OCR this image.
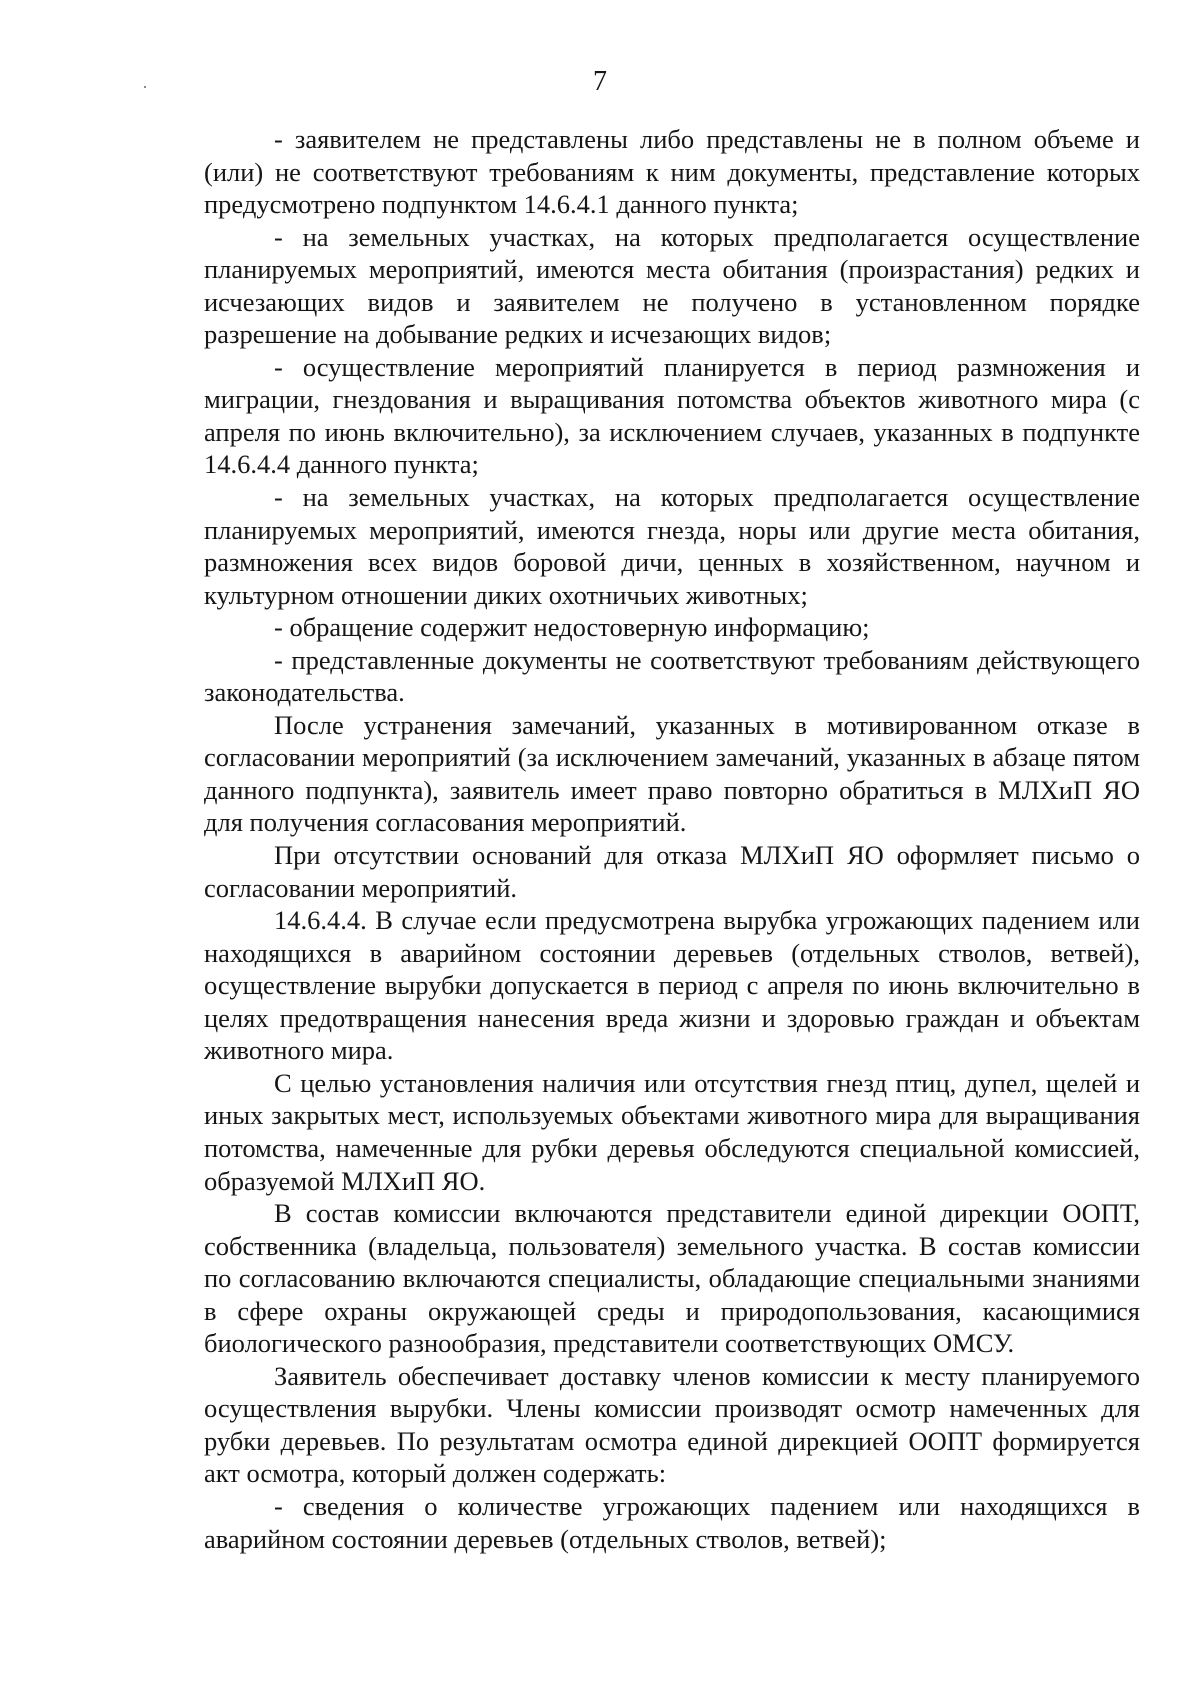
7

- заявителем не представлены либо представлены не в полном объеме и (или) не соответствуют требованиям к ним документы, представление которых предусмотрено подпунктом 14.6.4.1 данного пункта;

- на земельных участках, на которых предполагается осуществление планируемых мероприятий, имеются места обитания (произрастания) редких и исчезающих видов и заявителем не получено в установленном порядке разрешение на добывание редких и исчезающих видов;

- осуществление мероприятий планируется в период размножения и миграции, гнездования и выращивания потомства объектов животного мира (с апреля по июнь включительно), за исключением случаев, указанных в подпункте 14.6.4.4 данного пункта;

- на земельных участках, на которых предполагается осуществление планируемых мероприятий, имеются гнезда, норы или другие места обитания, размножения всех видов боровой дичи, ценных в хозяйственном, научном и культурном отношении диких охотничьих животных;

- обращение содержит недостоверную информацию;

- представленные документы не соответствуют требованиям действующего законодательства.

После устранения замечаний, указанных в мотивированном отказе в согласовании мероприятий (за исключением замечаний, указанных в абзаце пятом данного подпункта), заявитель имеет право повторно обратиться в МЛХиП ЯО для получения согласования мероприятий.

При отсутствии оснований для отказа МЛХиП ЯО оформляет письмо о согласовании мероприятий.

14.6.4.4. В случае если предусмотрена вырубка угрожающих падением или находящихся в аварийном состоянии деревьев (отдельных стволов, ветвей), осуществление вырубки допускается в период с апреля по июнь включительно в целях предотвращения нанесения вреда жизни и здоровью граждан и объектам животного мира.

С целью установления наличия или отсутствия гнезд птиц, дупел, щелей и иных закрытых мест, используемых объектами животного мира для выращивания потомства, намеченные для рубки деревья обследуются специальной комиссией, образуемой МЛХиП ЯО.

В состав комиссии включаются представители единой дирекции ООПТ, собственника (владельца, пользователя) земельного участка. В состав комиссии по согласованию включаются специалисты, обладающие специальными знаниями в сфере охраны окружающей среды и природопользования, касающимися биологического разнообразия, представители соответствующих ОМСУ.

Заявитель обеспечивает доставку членов комиссии к месту планируемого осуществления вырубки. Члены комиссии производят осмотр намеченных для рубки деревьев. По результатам осмотра единой дирекцией ООПТ формируется акт осмотра, который должен содержать:

- сведения о количестве угрожающих падением или находящихся в аварийном состоянии деревьев (отдельных стволов, ветвей);
